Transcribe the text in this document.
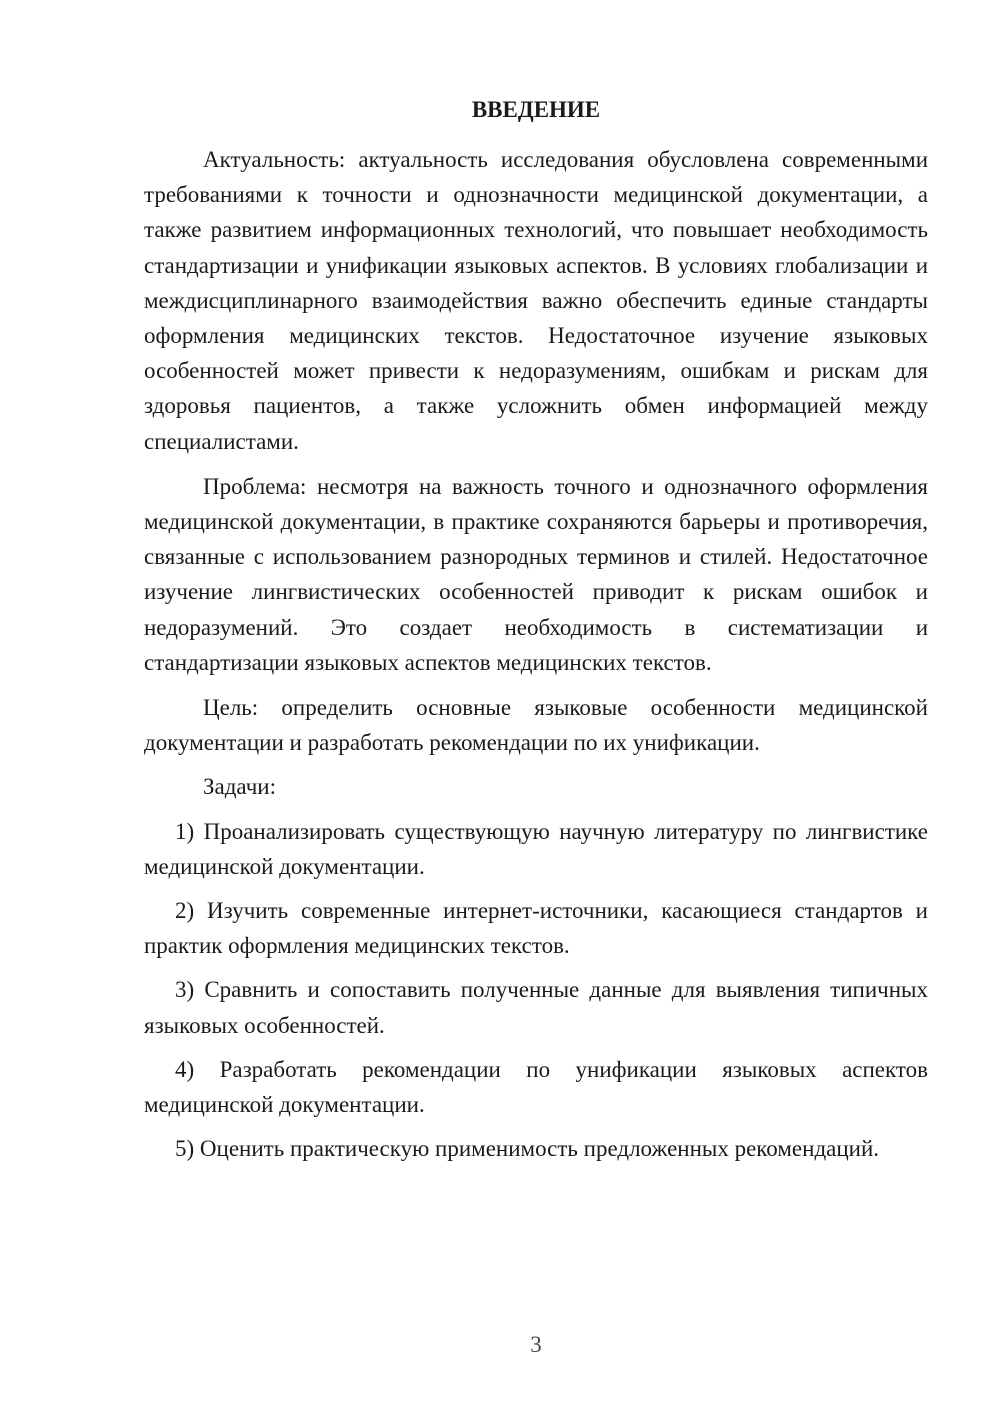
ВВЕДЕНИЕ

Актуальность: актуальность исследования обусловлена современными требованиями к точности и однозначности медицинской документации, а также развитием информационных технологий, что повышает необходимость стандартизации и унификации языковых аспектов. В условиях глобализации и междисциплинарного взаимодействия важно обеспечить единые стандарты оформления медицинских текстов. Недостаточное изучение языковых особенностей может привести к недоразумениям, ошибкам и рискам для здоровья пациентов, а также усложнить обмен информацией между специалистами.

Проблема: несмотря на важность точного и однозначного оформления медицинской документации, в практике сохраняются барьеры и противоречия, связанные с использованием разнородных терминов и стилей. Недостаточное изучение лингвистических особенностей приводит к рискам ошибок и недоразумений. Это создает необходимость в систематизации и стандартизации языковых аспектов медицинских текстов.

Цель: определить основные языковые особенности медицинской документации и разработать рекомендации по их унификации.

Задачи:

1) Проанализировать существующую научную литературу по лингвистике медицинской документации.

2) Изучить современные интернет-источники, касающиеся стандартов и практик оформления медицинских текстов.

3) Сравнить и сопоставить полученные данные для выявления типичных языковых особенностей.

4) Разработать рекомендации по унификации языковых аспектов медицинской документации.

5) Оценить практическую применимость предложенных рекомендаций.

3
